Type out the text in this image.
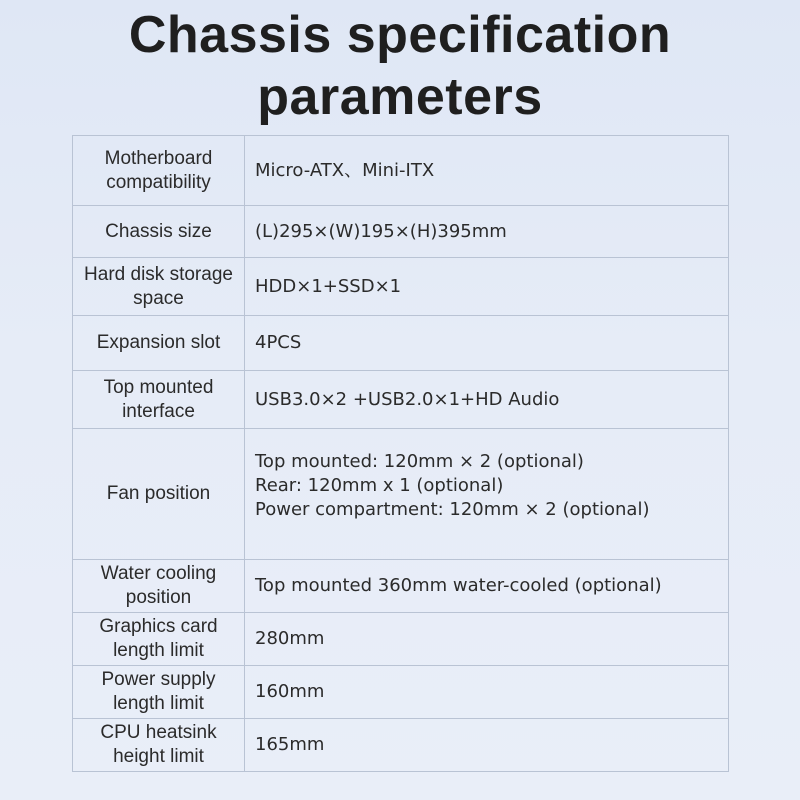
Chassis specification
parameters
Motherboard compatibility	Micro-ATX、Mini-ITX
Chassis size	(L)295×(W)195×(H)395mm
Hard disk storage space	HDD×1+SSD×1
Expansion slot	4PCS
Top mounted interface	USB3.0×2 +USB2.0×1+HD Audio
Fan position	Top mounted: 120mm × 2 (optional)
Rear: 120mm x 1 (optional)
Power compartment: 120mm × 2 (optional)

Water cooling position	Top mounted 360mm water-cooled (optional)
Graphics card length limit	280mm
Power supply length limit	160mm
CPU heatsink height limit	165mm
